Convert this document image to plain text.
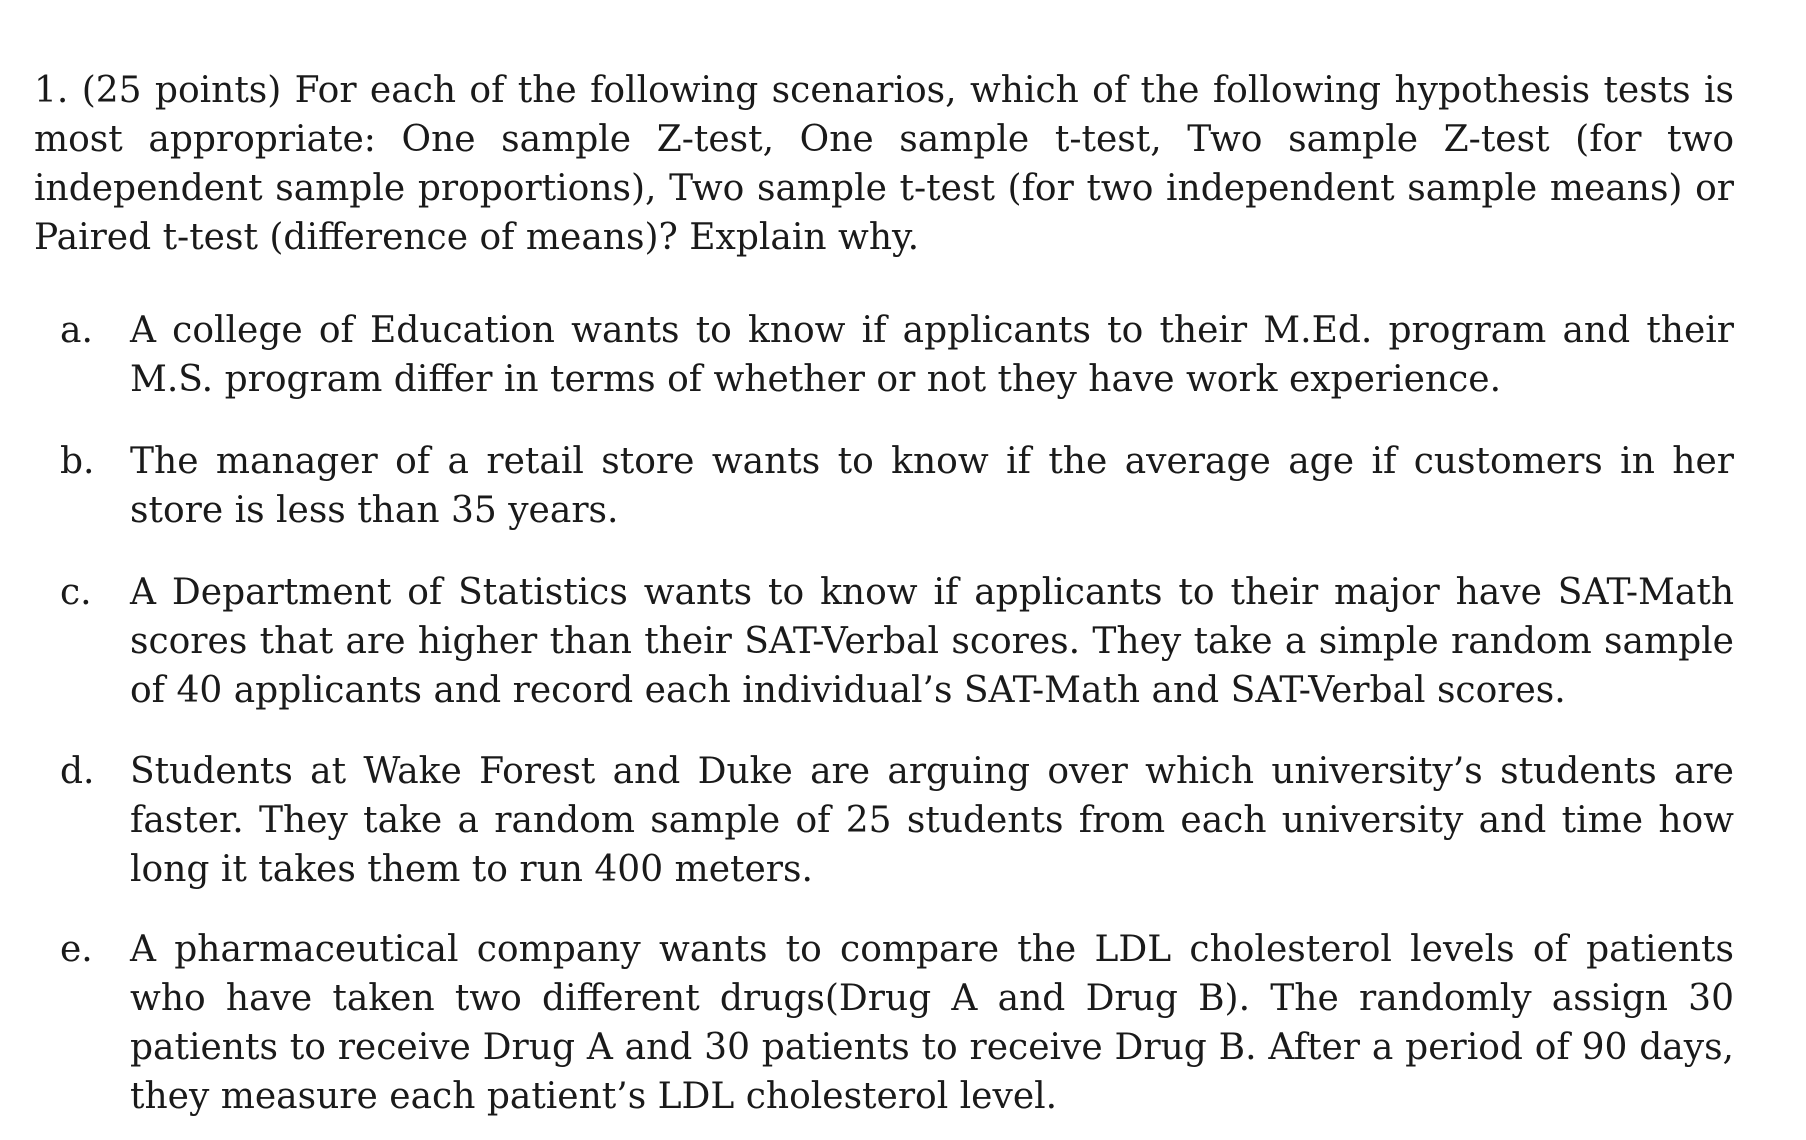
1. (25 points) For each of the following scenarios, which of the following hypothesis tests is most appropriate: One sample Z-test, One sample t-test, Two sample Z-test (for two independent sample proportions), Two sample t-test (for two independent sample means) or Paired t-test (difference of means)? Explain why.

a.	A college of Education wants to know if applicants to their M.Ed. program and their M.S. program differ in terms of whether or not they have work experience.
b. The manager of a retail store wants to know if the average age if customers in her store is less than 35 years.
c.	A Department of Statistics wants to know if applicants to their major have SAT-Math scores that are higher than their SAT-Verbal scores. They take a simple random sample of 40 applicants and record each individual’s SAT-Math and SAT-Verbal scores.
d. Students at Wake Forest and Duke are arguing over which university’s students are faster. They take a random sample of 25 students from each university and time how long it takes them to run 400 meters.
e.	A pharmaceutical company wants to compare the LDL cholesterol levels of patients who have taken two different drugs(Drug A and Drug B). The randomly assign 30 patients to receive Drug A and 30 patients to receive Drug B. After a period of 90 days, they measure each patient’s LDL cholesterol level.
